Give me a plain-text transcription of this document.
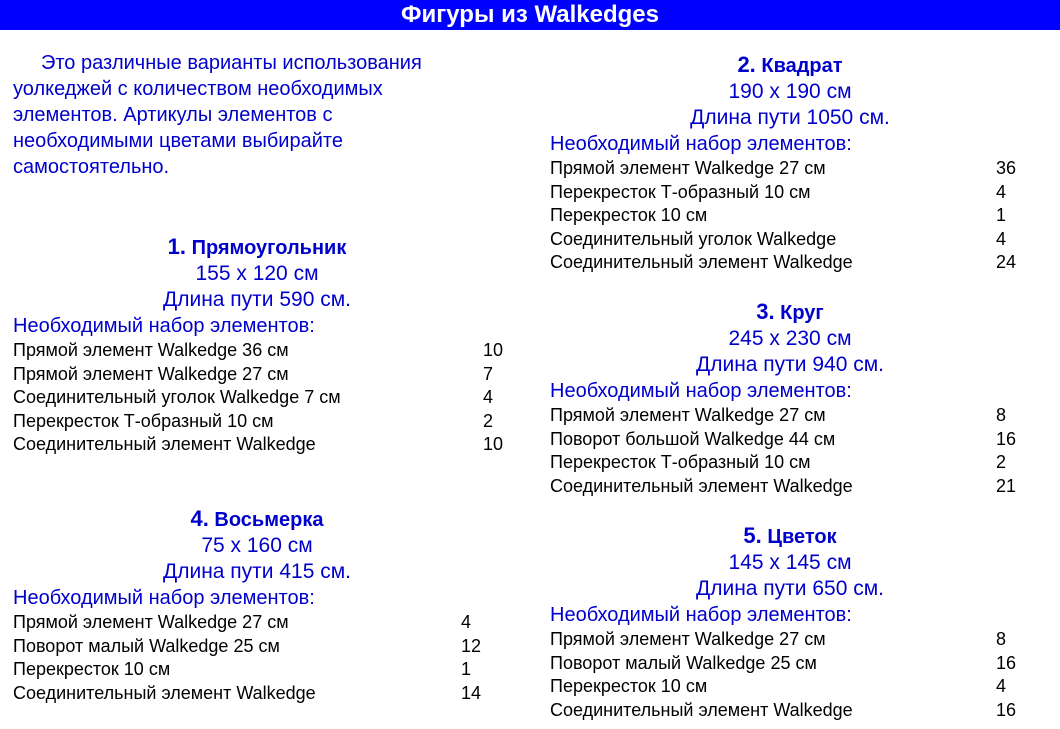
Фигуры из Walkedges
Это различные варианты использования
уолкеджей с количеством необходимых
элементов. Артикулы элементов с
необходимыми цветами выбирайте
самостоятельно.
1. Прямоугольник
155 x 120 см
Длина пути 590 см.
Необходимый набор элементов:
Прямой элемент Walkedge 36 см	10
Прямой элемент Walkedge 27 см	7
Соединительный уголок Walkedge 7 см	4
Перекресток Т-образный 10 см	2
Соединительный элемент Walkedge	10
2. Квадрат
190 x 190 см
Длина пути 1050 см.
Необходимый набор элементов:
Прямой элемент Walkedge 27 см	36
Перекресток Т-образный 10 см	4
Перекресток 10 см	1
Соединительный уголок Walkedge	4
Соединительный элемент Walkedge	24
3. Круг
245 x 230 см
Длина пути 940 см.
Необходимый набор элементов:
Прямой элемент Walkedge 27 см	8
Поворот большой Walkedge 44 см	16
Перекресток Т-образный 10 см	2
Соединительный элемент Walkedge	21
4. Восьмерка
75 x 160 см
Длина пути 415 см.
Необходимый набор элементов:
Прямой элемент Walkedge 27 см	4
Поворот малый Walkedge 25 см	12
Перекресток 10 см	1
Соединительный элемент Walkedge	14
5. Цветок
145 x 145 см
Длина пути 650 см.
Необходимый набор элементов:
Прямой элемент Walkedge 27 см	8
Поворот малый Walkedge 25 см	16
Перекресток 10 см	4
Соединительный элемент Walkedge	16
